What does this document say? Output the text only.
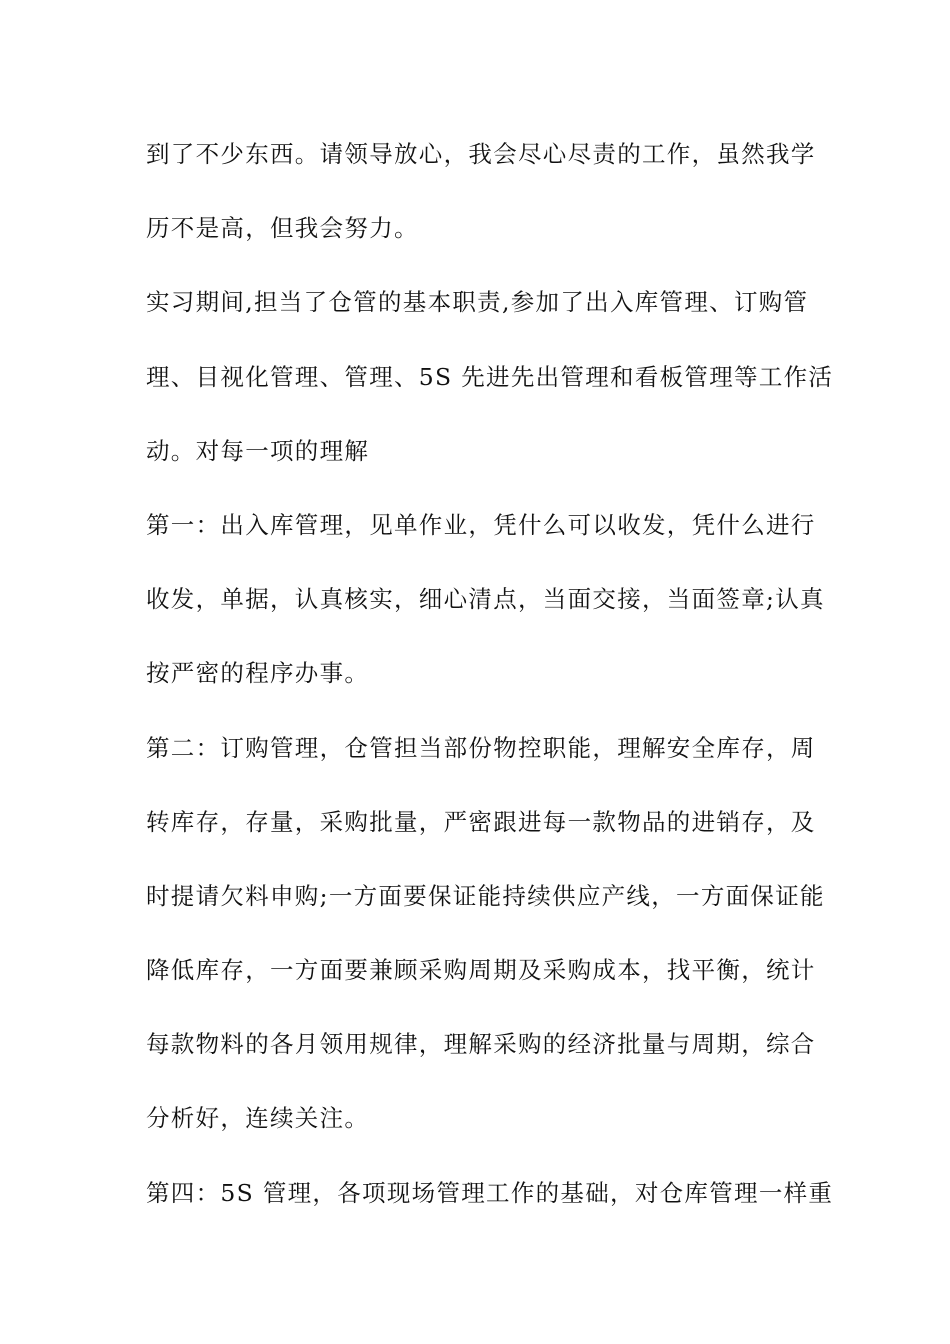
到了不少东西。请领导放心，我会尽心尽责的工作，虽然我学
历不是高，但我会努力。
实习期间,担当了仓管的基本职责,参加了出入库管理、订购管
理、目视化管理、管理、5S 先进先出管理和看板管理等工作活
动。对每一项的理解
第一：出入库管理，见单作业，凭什么可以收发，凭什么进行
收发，单据，认真核实，细心清点，当面交接，当面签章;认真
按严密的程序办事。
第二：订购管理，仓管担当部份物控职能，理解安全库存，周
转库存，存量，采购批量，严密跟进每一款物品的进销存，及
时提请欠料申购;一方面要保证能持续供应产线，一方面保证能
降低库存，一方面要兼顾采购周期及采购成本，找平衡，统计
每款物料的各月领用规律，理解采购的经济批量与周期，综合
分析好，连续关注。
第四：5S 管理，各项现场管理工作的基础，对仓库管理一样重
